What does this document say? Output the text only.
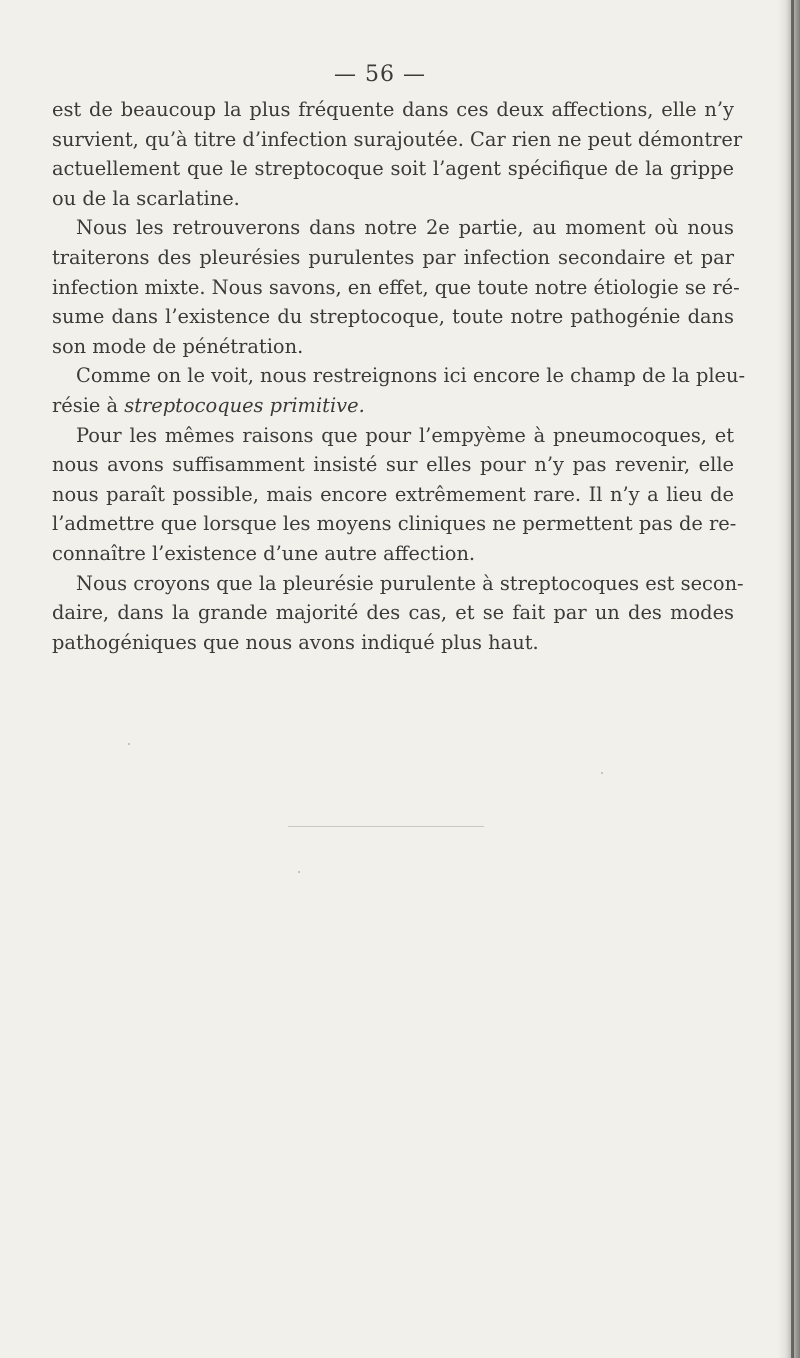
— 56 —
est de beaucoup la plus fréquente dans ces deux affections, elle n’y
survient, qu’à titre d’infection surajoutée. Car rien ne peut démontrer
actuellement que le streptocoque soit l’agent spécifique de la grippe
ou de la scarlatine.
Nous les retrouverons dans notre 2e partie, au moment où nous
traiterons des pleurésies purulentes par infection secondaire et par
infection mixte. Nous savons, en effet, que toute notre étiologie se ré-
sume dans l’existence du streptocoque, toute notre pathogénie dans
son mode de pénétration.
Comme on le voit, nous restreignons ici encore le champ de la pleu-
résie à streptocoques primitive.
Pour les mêmes raisons que pour l’empyème à pneumocoques, et
nous avons suffisamment insisté sur elles pour n’y pas revenir, elle
nous paraît possible, mais encore extrêmement rare. Il n’y a lieu de
l’admettre que lorsque les moyens cliniques ne permettent pas de re-
connaître l’existence d’une autre affection.
Nous croyons que la pleurésie purulente à streptocoques est secon-
daire, dans la grande majorité des cas, et se fait par un des modes
pathogéniques que nous avons indiqué plus haut.
